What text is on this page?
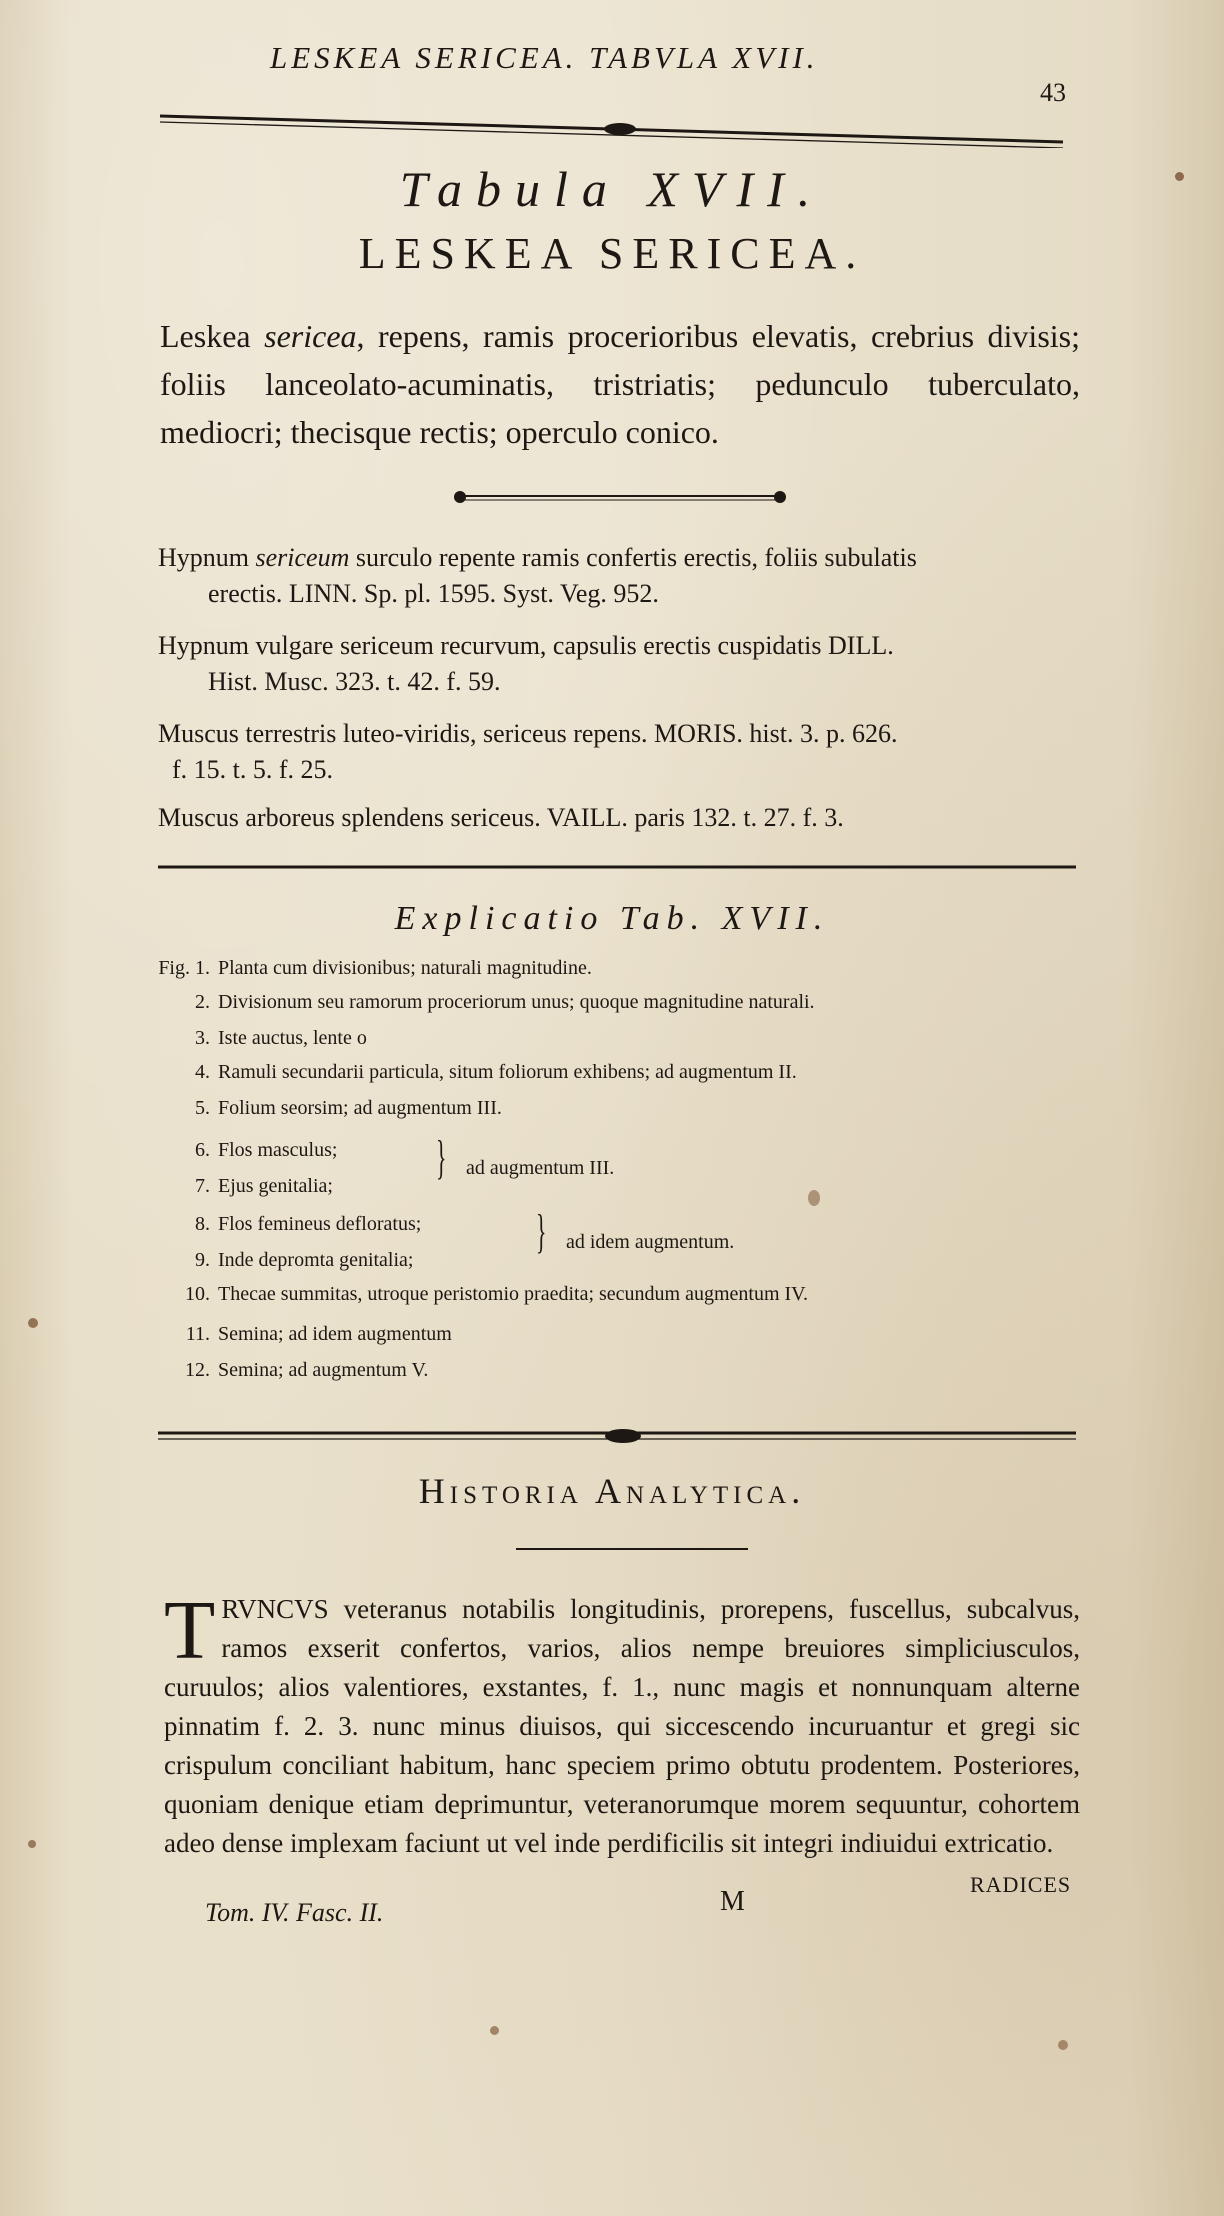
LESKEA SERICEA. TABVLA XVII.
43
Tabula XVII.
LESKEA SERICEA.
Leskea sericea, repens, ramis procerioribus elevatis, crebrius divisis; foliis lanceolato-acuminatis, tristriatis; pedunculo tuberculato, mediocri; thecisque rectis; operculo conico.
Hypnum sericeum surculo repente ramis confertis erectis, foliis subulatis
erectis. LINN. Sp. pl. 1595. Syst. Veg. 952.
Hypnum vulgare sericeum recurvum, capsulis erectis cuspidatis DILL.
Hist. Musc. 323. t. 42. f. 59.
Muscus terrestris luteo-viridis, sericeus repens. MORIS. hist. 3. p. 626.
f. 15. t. 5. f. 25.
Muscus arboreus splendens sericeus. VAILL. paris 132. t. 27. f. 3.
Explicatio Tab. XVII.
Fig. 1. Planta cum divisionibus; naturali magnitudine.
2. Divisionum seu ramorum proceriorum unus; quoque magnitudine naturali.
3. Iste auctus, lente o
4. Ramuli secundarii particula, situm foliorum exhibens; ad augmentum II.
5. Folium seorsim; ad augmentum III.
6. Flos masculus;
7. Ejus genitalia;
} ad augmentum III.
8. Flos femineus defloratus;
9. Inde depromta genitalia;
} ad idem augmentum.
10. Thecae summitas, utroque peristomio praedita; secundum augmentum IV.
11. Semina; ad idem augmentum
12. Semina; ad augmentum V.
Historia Analytica.
TRVNCVS veteranus notabilis longitudinis, prorepens, fuscellus, subcalvus, ramos exserit confertos, varios, alios nempe breuiores simpliciusculos, curuulos; alios valentiores, exstantes, f. 1., nunc magis et nonnunquam alterne pinnatim f. 2. 3. nunc minus diuisos, qui siccescendo incuruantur et gregi sic crispulum conciliant habitum, hanc speciem primo obtutu prodentem. Posteriores, quoniam denique etiam deprimuntur, veteranorumque morem sequuntur, cohortem adeo dense implexam faciunt ut vel inde perdificilis sit integri indiuidui extricatio.
Tom. IV. Fasc. II.	M
RADICES
